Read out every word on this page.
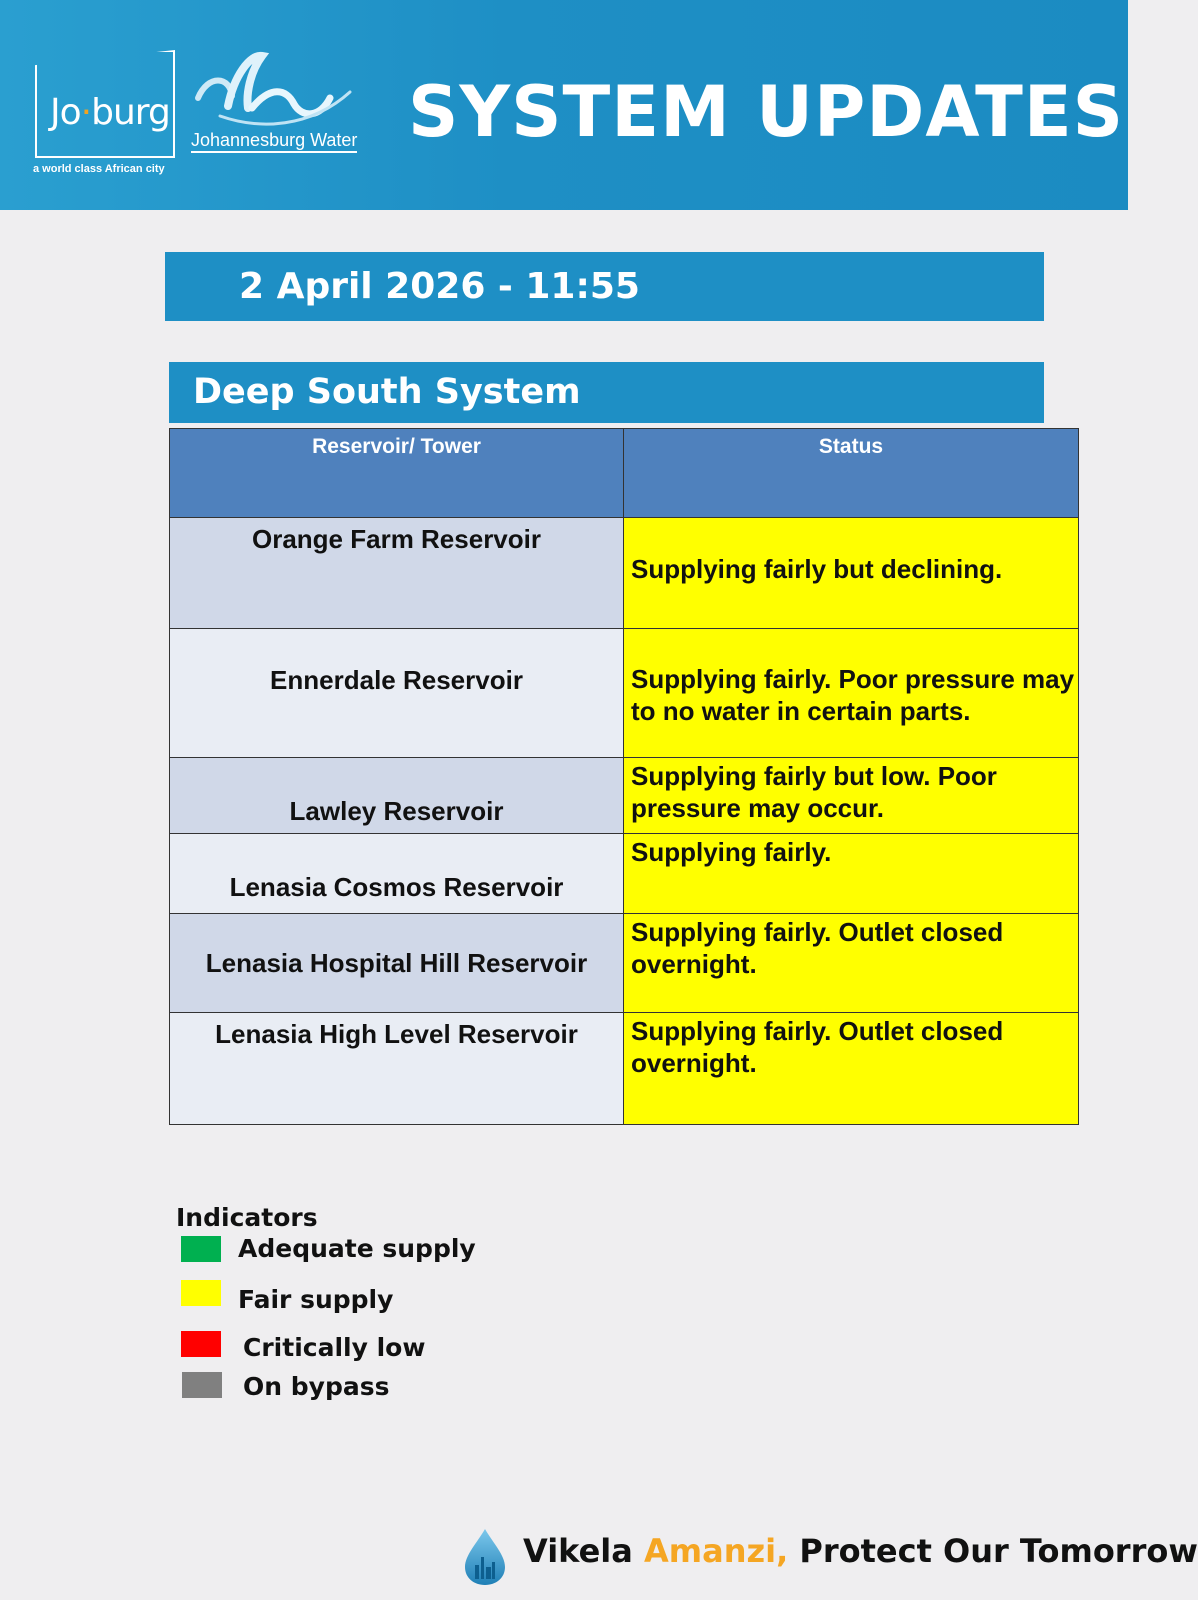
Jo·burg
a world class African city
Johannesburg Water SYSTEM UPDATES
2 April 2026 - 11:55
Deep South System
Reservoir/ Tower	Status
Orange Farm Reservoir	Supplying fairly but declining.
Ennerdale Reservoir	Supplying fairly. Poor pressure may to no water in certain parts.
Lawley Reservoir	Supplying fairly but low. Poor pressure may occur.
Lenasia Cosmos Reservoir	Supplying fairly.
Lenasia Hospital Hill Reservoir	Supplying fairly. Outlet closed overnight.
Lenasia High Level Reservoir	Supplying fairly. Outlet closed overnight.
Indicators
Adequate supply
Fair supply
Critically low
On bypass
Vikela Amanzi, Protect Our Tomorrow
